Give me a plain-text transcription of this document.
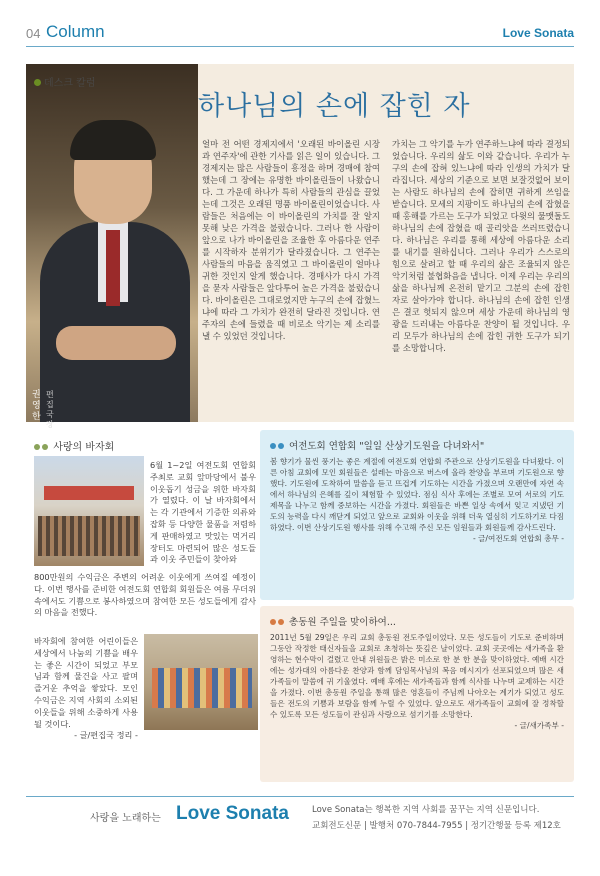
04 Column	Love Sonata
권영한
편집국장
데스크 칼럼
하나님의 손에 잡힌 자
얼마 전 어떤 경제지에서 '오래된 바이올린 시장과 연주자'에 관한 기사를 읽은 일이 있습니다. 그 경제지는 많은 사람들이 흥정을 하며 경매에 참여했는데 그 장에는 유명한 바이올린들이 나왔습니다. 그 가운데 하나가 특히 사람들의 관심을 끌었는데 그것은 오래된 명품 바이올린이었습니다. 사람들은 처음에는 이 바이올린의 가치를 잘 알지 못해 낮은 가격을 불렀습니다. 그러나 한 사람이 앞으로 나가 바이올린을 조율한 후 아름다운 연주를 시작하자 분위기가 달라졌습니다. 그 연주는 사람들의 마음을 움직였고 그 바이올린이 얼마나 귀한 것인지 알게 했습니다. 경매사가 다시 가격을 묻자 사람들은 앞다투어 높은 가격을 불렀습니다. 바이올린은 그대로였지만 누구의 손에 잡혔느냐에 따라 그 가치가 완전히 달라진 것입니다. 연주자의 손에 들렸을 때 비로소 악기는 제 소리를 낼 수 있었던 것입니다.
가치는 그 악기를 누가 연주하느냐에 따라 결정되었습니다. 우리의 삶도 이와 같습니다. 우리가 누구의 손에 잡혀 있느냐에 따라 인생의 가치가 달라집니다. 세상의 기준으로 보면 보잘것없어 보이는 사람도 하나님의 손에 잡히면 귀하게 쓰임을 받습니다. 모세의 지팡이도 하나님의 손에 잡혔을 때 홍해를 가르는 도구가 되었고 다윗의 물맷돌도 하나님의 손에 잡혔을 때 골리앗을 쓰러뜨렸습니다. 하나님은 우리를 통해 세상에 아름다운 소리를 내기를 원하십니다. 그러나 우리가 스스로의 힘으로 살려고 할 때 우리의 삶은 조율되지 않은 악기처럼 불협화음을 냅니다. 이제 우리는 우리의 삶을 하나님께 온전히 맡기고 그분의 손에 잡힌 자로 살아가야 합니다. 하나님의 손에 잡힌 인생은 결코 헛되지 않으며 세상 가운데 하나님의 영광을 드러내는 아름다운 찬양이 될 것입니다. 우리 모두가 하나님의 손에 잡힌 귀한 도구가 되기를 소망합니다.
사랑의 바자회
6월 1~2일 여전도회 연합회 주최로 교회 앞마당에서 불우이웃돕기 성금을 위한 바자회가 열렸다. 이 날 바자회에서는 각 기관에서 기증한 의류와 잡화 등 다양한 물품을 저렴하게 판매하였고 맛있는 먹거리 장터도 마련되어 많은 성도들과 이웃 주민들이 찾아와
800만원의 수익금은 주변의 어려운 이웃에게 쓰여질 예정이다. 이번 행사를 준비한 여전도회 연합회 회원들은 여름 무더위 속에서도 기쁨으로 봉사하였으며 참여한 모든 성도들에게 감사의 마음을 전했다.
바자회에 참여한 어린이들은 세상에서 나눔의 기쁨을 배우는 좋은 시간이 되었고 부모님과 함께 물건을 사고 팔며 즐거운 추억을 쌓았다. 모인 수익금은 지역 사회의 소외된 이웃들을 위해 소중하게 사용될 것이다.
- 글/편집국 정리 -
여전도회 연합회 "일일 산상기도원을 다녀와서"
봄 향기가 물씬 풍기는 좋은 계절에 여전도회 연합회 주관으로 산상기도원을 다녀왔다. 이른 아침 교회에 모인 회원들은 설레는 마음으로 버스에 올라 찬양을 부르며 기도원으로 향했다. 기도원에 도착하여 말씀을 듣고 뜨겁게 기도하는 시간을 가졌으며 오랜만에 자연 속에서 하나님의 은혜를 깊이 체험할 수 있었다. 점심 식사 후에는 조별로 모여 서로의 기도제목을 나누고 함께 중보하는 시간을 가졌다. 회원들은 바쁜 일상 속에서 잊고 지냈던 기도의 능력을 다시 깨닫게 되었고 앞으로 교회와 이웃을 위해 더욱 열심히 기도하기로 다짐하였다. 이번 산상기도원 행사를 위해 수고해 주신 모든 임원들과 회원들께 감사드린다.
- 글/여전도회 연합회 총무 -
총동원 주일을 맞이하여...
2011년 5월 29일은 우리 교회 총동원 전도주일이었다. 모든 성도들이 기도로 준비하며 그동안 작정한 태신자들을 교회로 초청하는 뜻깊은 날이었다. 교회 곳곳에는 새가족을 환영하는 현수막이 걸렸고 안내 위원들은 밝은 미소로 한 분 한 분을 맞이하였다. 예배 시간에는 성가대의 아름다운 찬양과 함께 담임목사님의 복음 메시지가 선포되었으며 많은 새가족들이 말씀에 귀 기울였다. 예배 후에는 새가족들과 함께 식사를 나누며 교제하는 시간을 가졌다. 이번 총동원 주일을 통해 많은 영혼들이 주님께 나아오는 계기가 되었고 성도들은 전도의 기쁨과 보람을 함께 누릴 수 있었다. 앞으로도 새가족들이 교회에 잘 정착할 수 있도록 모든 성도들이 관심과 사랑으로 섬기기를 소망한다.
- 글/새가족부 -
사랑을 노래하는 Love Sonata	Love Sonata는 행복한 지역 사회를 꿈꾸는 지역 신문입니다.
교회전도신문 | 발행처 070-7844-7955 | 정기간행물 등록 제12호
